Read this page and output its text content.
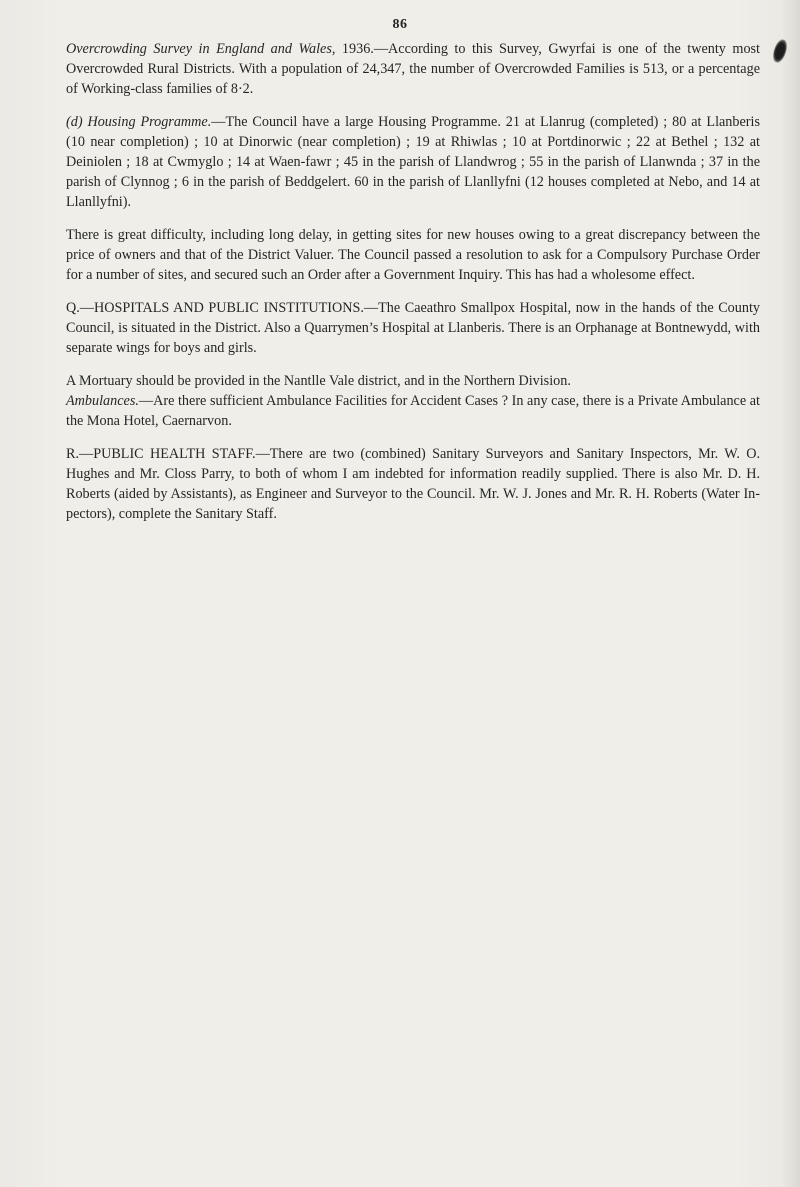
86

Overcrowding Survey in England and Wales, 1936.—According to this Survey, Gwyrfai is one of the twenty most Overcrowded Rural Districts. With a population of 24,347, the number of Overcrowded Families is 513, or a percentage of Working-class families of 8·2.

(d) Housing Programme.—The Council have a large Housing Programme. 21 at Llanrug (completed) ; 80 at Llanberis (10 near completion) ; 10 at Dinorwic (near completion) ; 19 at Rhiwlas ; 10 at Portdinorwic ; 22 at Bethel ; 132 at Deiniolen ; 18 at Cwmyglo ; 14 at Waen-fawr ; 45 in the parish of Llandwrog ; 55 in the parish of Llanwnda ; 37 in the parish of Clynnog ; 6 in the parish of Beddgelert. 60 in the parish of Llanllyfni (12 houses completed at Nebo, and 14 at Llanllyfni).

There is great difficulty, including long delay, in getting sites for new houses owing to a great discrepancy between the price of owners and that of the District Valuer. The Council passed a resolution to ask for a Compulsory Purchase Order for a number of sites, and secured such an Order after a Government Inquiry. This has had a wholesome effect.

Q.—HOSPITALS AND PUBLIC INSTITUTIONS.—The Caeathro Smallpox Hospital, now in the hands of the County Council, is situated in the District. Also a Quarrymen’s Hospital at Llanberis. There is an Orphanage at Bontnewydd, with separate wings for boys and girls.

A Mortuary should be provided in the Nantlle Vale district, and in the Northern Division.
Ambulances.—Are there sufficient Ambulance Facilities for Accident Cases ? In any case, there is a Private Ambulance at the Mona Hotel, Caernarvon.

R.—PUBLIC HEALTH STAFF.—There are two (combined) Sanitary Surveyors and Sanitary Inspectors, Mr. W. O. Hughes and Mr. Closs Parry, to both of whom I am indebted for information readily supplied. There is also Mr. D. H. Roberts (aided by Assistants), as Engineer and Surveyor to the Council. Mr. W. J. Jones and Mr. R. H. Roberts (Water In-pectors), complete the Sanitary Staff.
